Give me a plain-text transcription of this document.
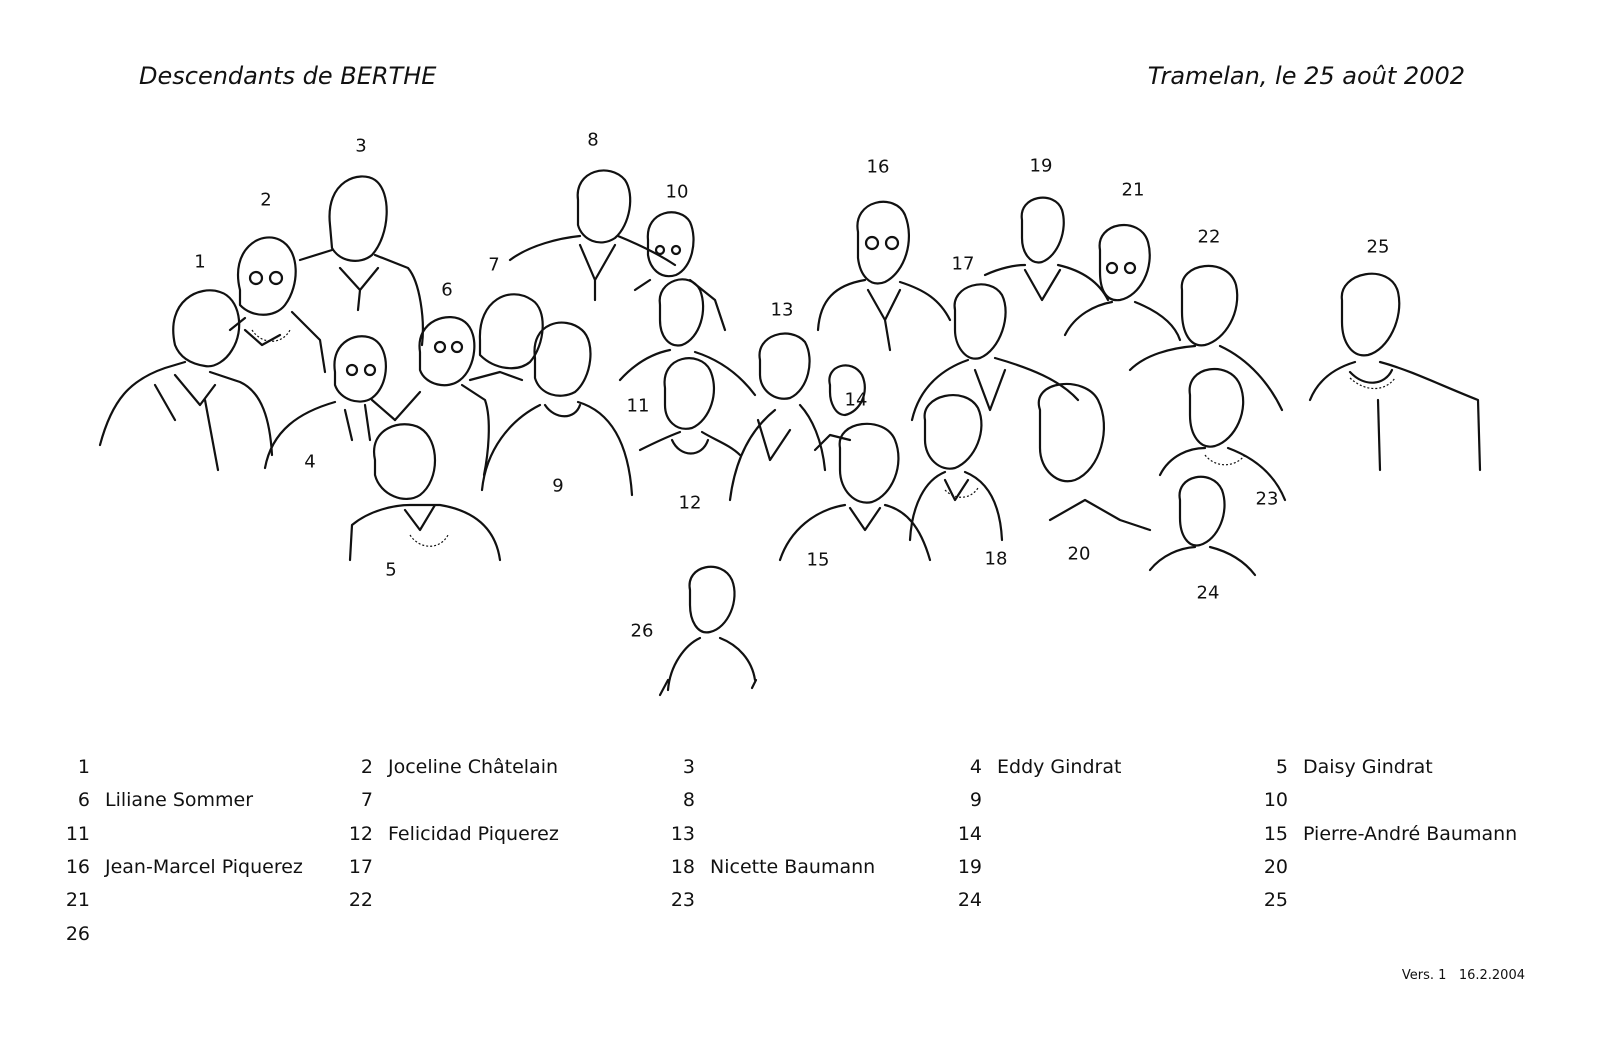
Descendants de BERTHE	Tramelan, le 25 août 2002
1
2
3
4
5
6
7
8
9
10
11
12
13
14
15
16
17
18
19
20
21
22
23
24
25
26
1	2 Joceline Châtelain	3	4 Eddy Gindrat	5 Daisy Gindrat
6 Liliane Sommer	7	8	9	10
11	12 Felicidad Piquerez	13	14	15 Pierre-André Baumann
16 Jean-Marcel Piquerez	17	18 Nicette Baumann	19	20
21	22	23	24	25
26
Vers. 1   16.2.2004
